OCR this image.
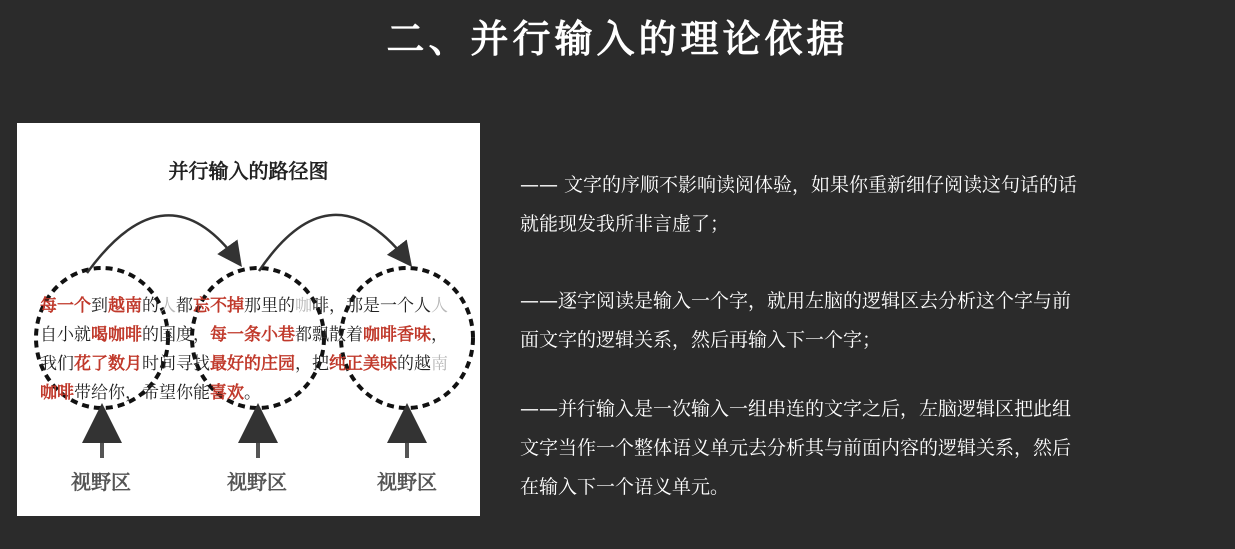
二、并行输入的理论依据
并行输入的路径图
每一个到越南的人都忘不掉那里的咖啡，那是一个人人
自小就喝咖啡的国度，每一条小巷都飘散着咖啡香味，
我们花了数月时间寻找最好的庄园，把纯正美味的越南
咖啡带给你，希望你能喜欢。
视野区	视野区	视野区
—— 文字的序顺不影响读阅体验，如果你重新细仔阅读这句话的话
就能现发我所非言虚了；
——逐字阅读是输入一个字，就用左脑的逻辑区去分析这个字与前
面文字的逻辑关系，然后再输入下一个字；
——并行输入是一次输入一组串连的文字之后，左脑逻辑区把此组
文字当作一个整体语义单元去分析其与前面内容的逻辑关系，然后
在输入下一个语义单元。
